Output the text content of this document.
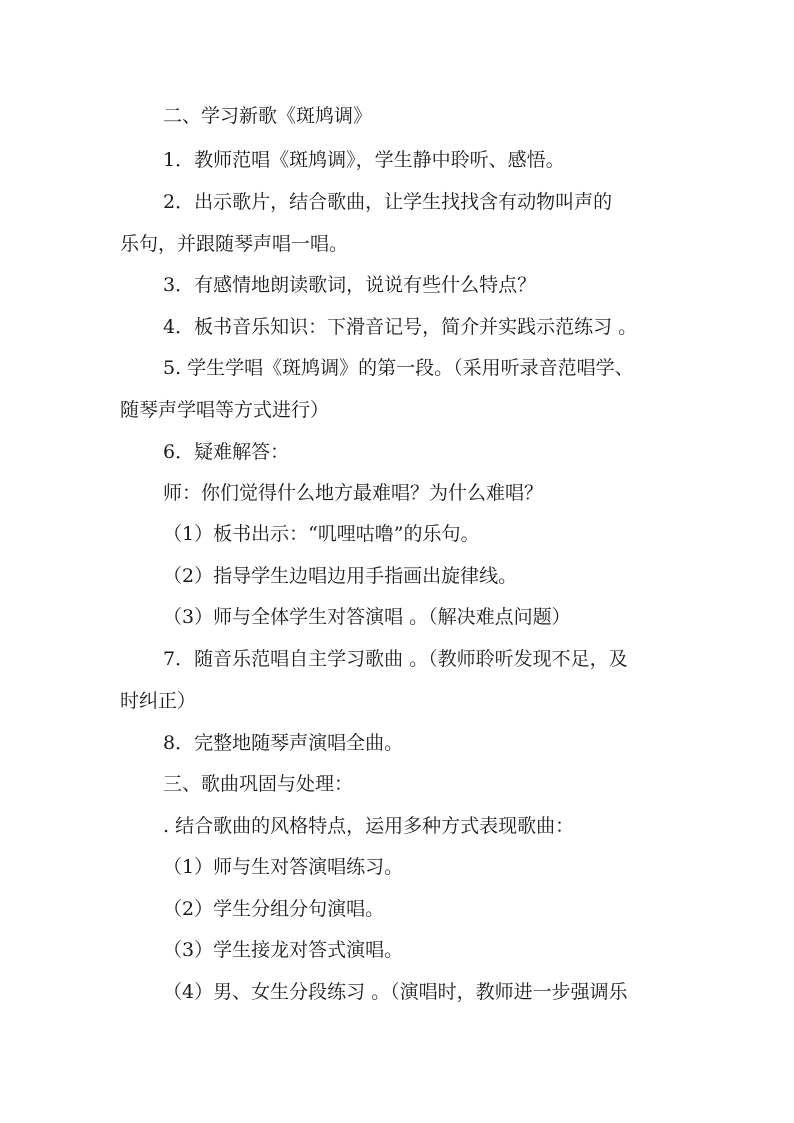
二、学习新歌《斑鸠调》
1．教师范唱《斑鸠调》，学生静中聆听、感悟。
2．出示歌片，结合歌曲，让学生找找含有动物叫声的
乐句，并跟随琴声唱一唱。
3．有感情地朗读歌词，说说有些什么特点？
4．板书音乐知识：下滑音记号，简介并实践示范练习 。
5. 学生学唱《斑鸠调》的第一段。（采用听录音范唱学、
随琴声学唱等方式进行）
6．疑难解答：
师：你们觉得什么地方最难唱？为什么难唱？
（1）板书出示：“叽哩咕噜”的乐句。
（2）指导学生边唱边用手指画出旋律线。
（3）师与全体学生对答演唱 。（解决难点问题）
7．随音乐范唱自主学习歌曲 。（教师聆听发现不足，及
时纠正）
8．完整地随琴声演唱全曲。
三、歌曲巩固与处理：
. 结合歌曲的风格特点，运用多种方式表现歌曲：
（1）师与生对答演唱练习。
（2）学生分组分句演唱。
（3）学生接龙对答式演唱。
（4）男、女生分段练习 。（演唱时，教师进一步强调乐
